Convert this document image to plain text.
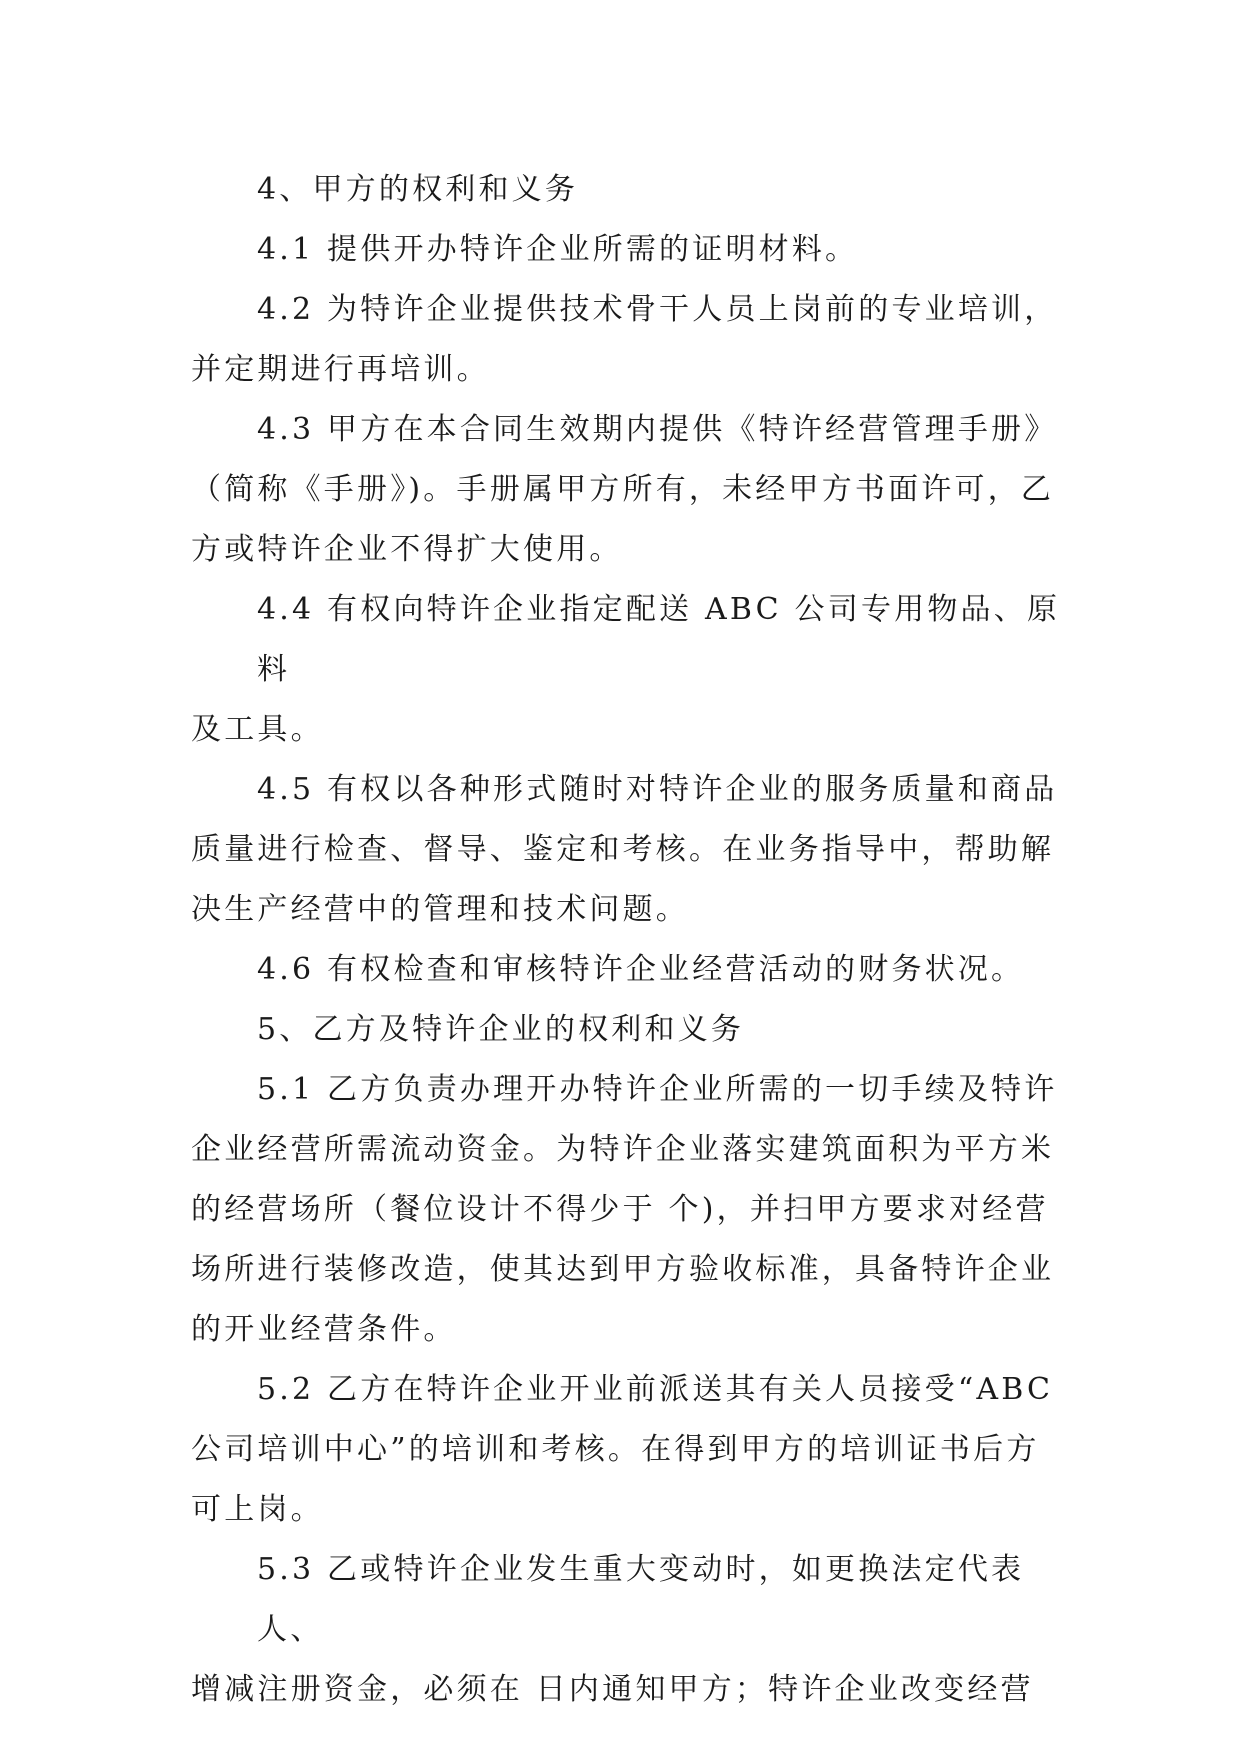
4、甲方的权利和义务
4.1 提供开办特许企业所需的证明材料。
4.2 为特许企业提供技术骨干人员上岗前的专业培训，
并定期进行再培训。
4.3 甲方在本合同生效期内提供《特许经营管理手册》
（简称《手册》)。手册属甲方所有，未经甲方书面许可，乙
方或特许企业不得扩大使用。
4.4 有权向特许企业指定配送 ABC 公司专用物品、原料
及工具。
4.5 有权以各种形式随时对特许企业的服务质量和商品
质量进行检查、督导、鉴定和考核。在业务指导中，帮助解
决生产经营中的管理和技术问题。
4.6 有权检查和审核特许企业经营活动的财务状况。
5、乙方及特许企业的权利和义务
5.1 乙方负责办理开办特许企业所需的一切手续及特许
企业经营所需流动资金。为特许企业落实建筑面积为平方米
的经营场所（餐位设计不得少于 个)，并扫甲方要求对经营
场所进行装修改造，使其达到甲方验收标准，具备特许企业
的开业经营条件。
5.2 乙方在特许企业开业前派送其有关人员接受“ABC
公司培训中心”的培训和考核。在得到甲方的培训证书后方
可上岗。
5.3 乙或特许企业发生重大变动时，如更换法定代表人、
增减注册资金，必须在 日内通知甲方；特许企业改变经营
